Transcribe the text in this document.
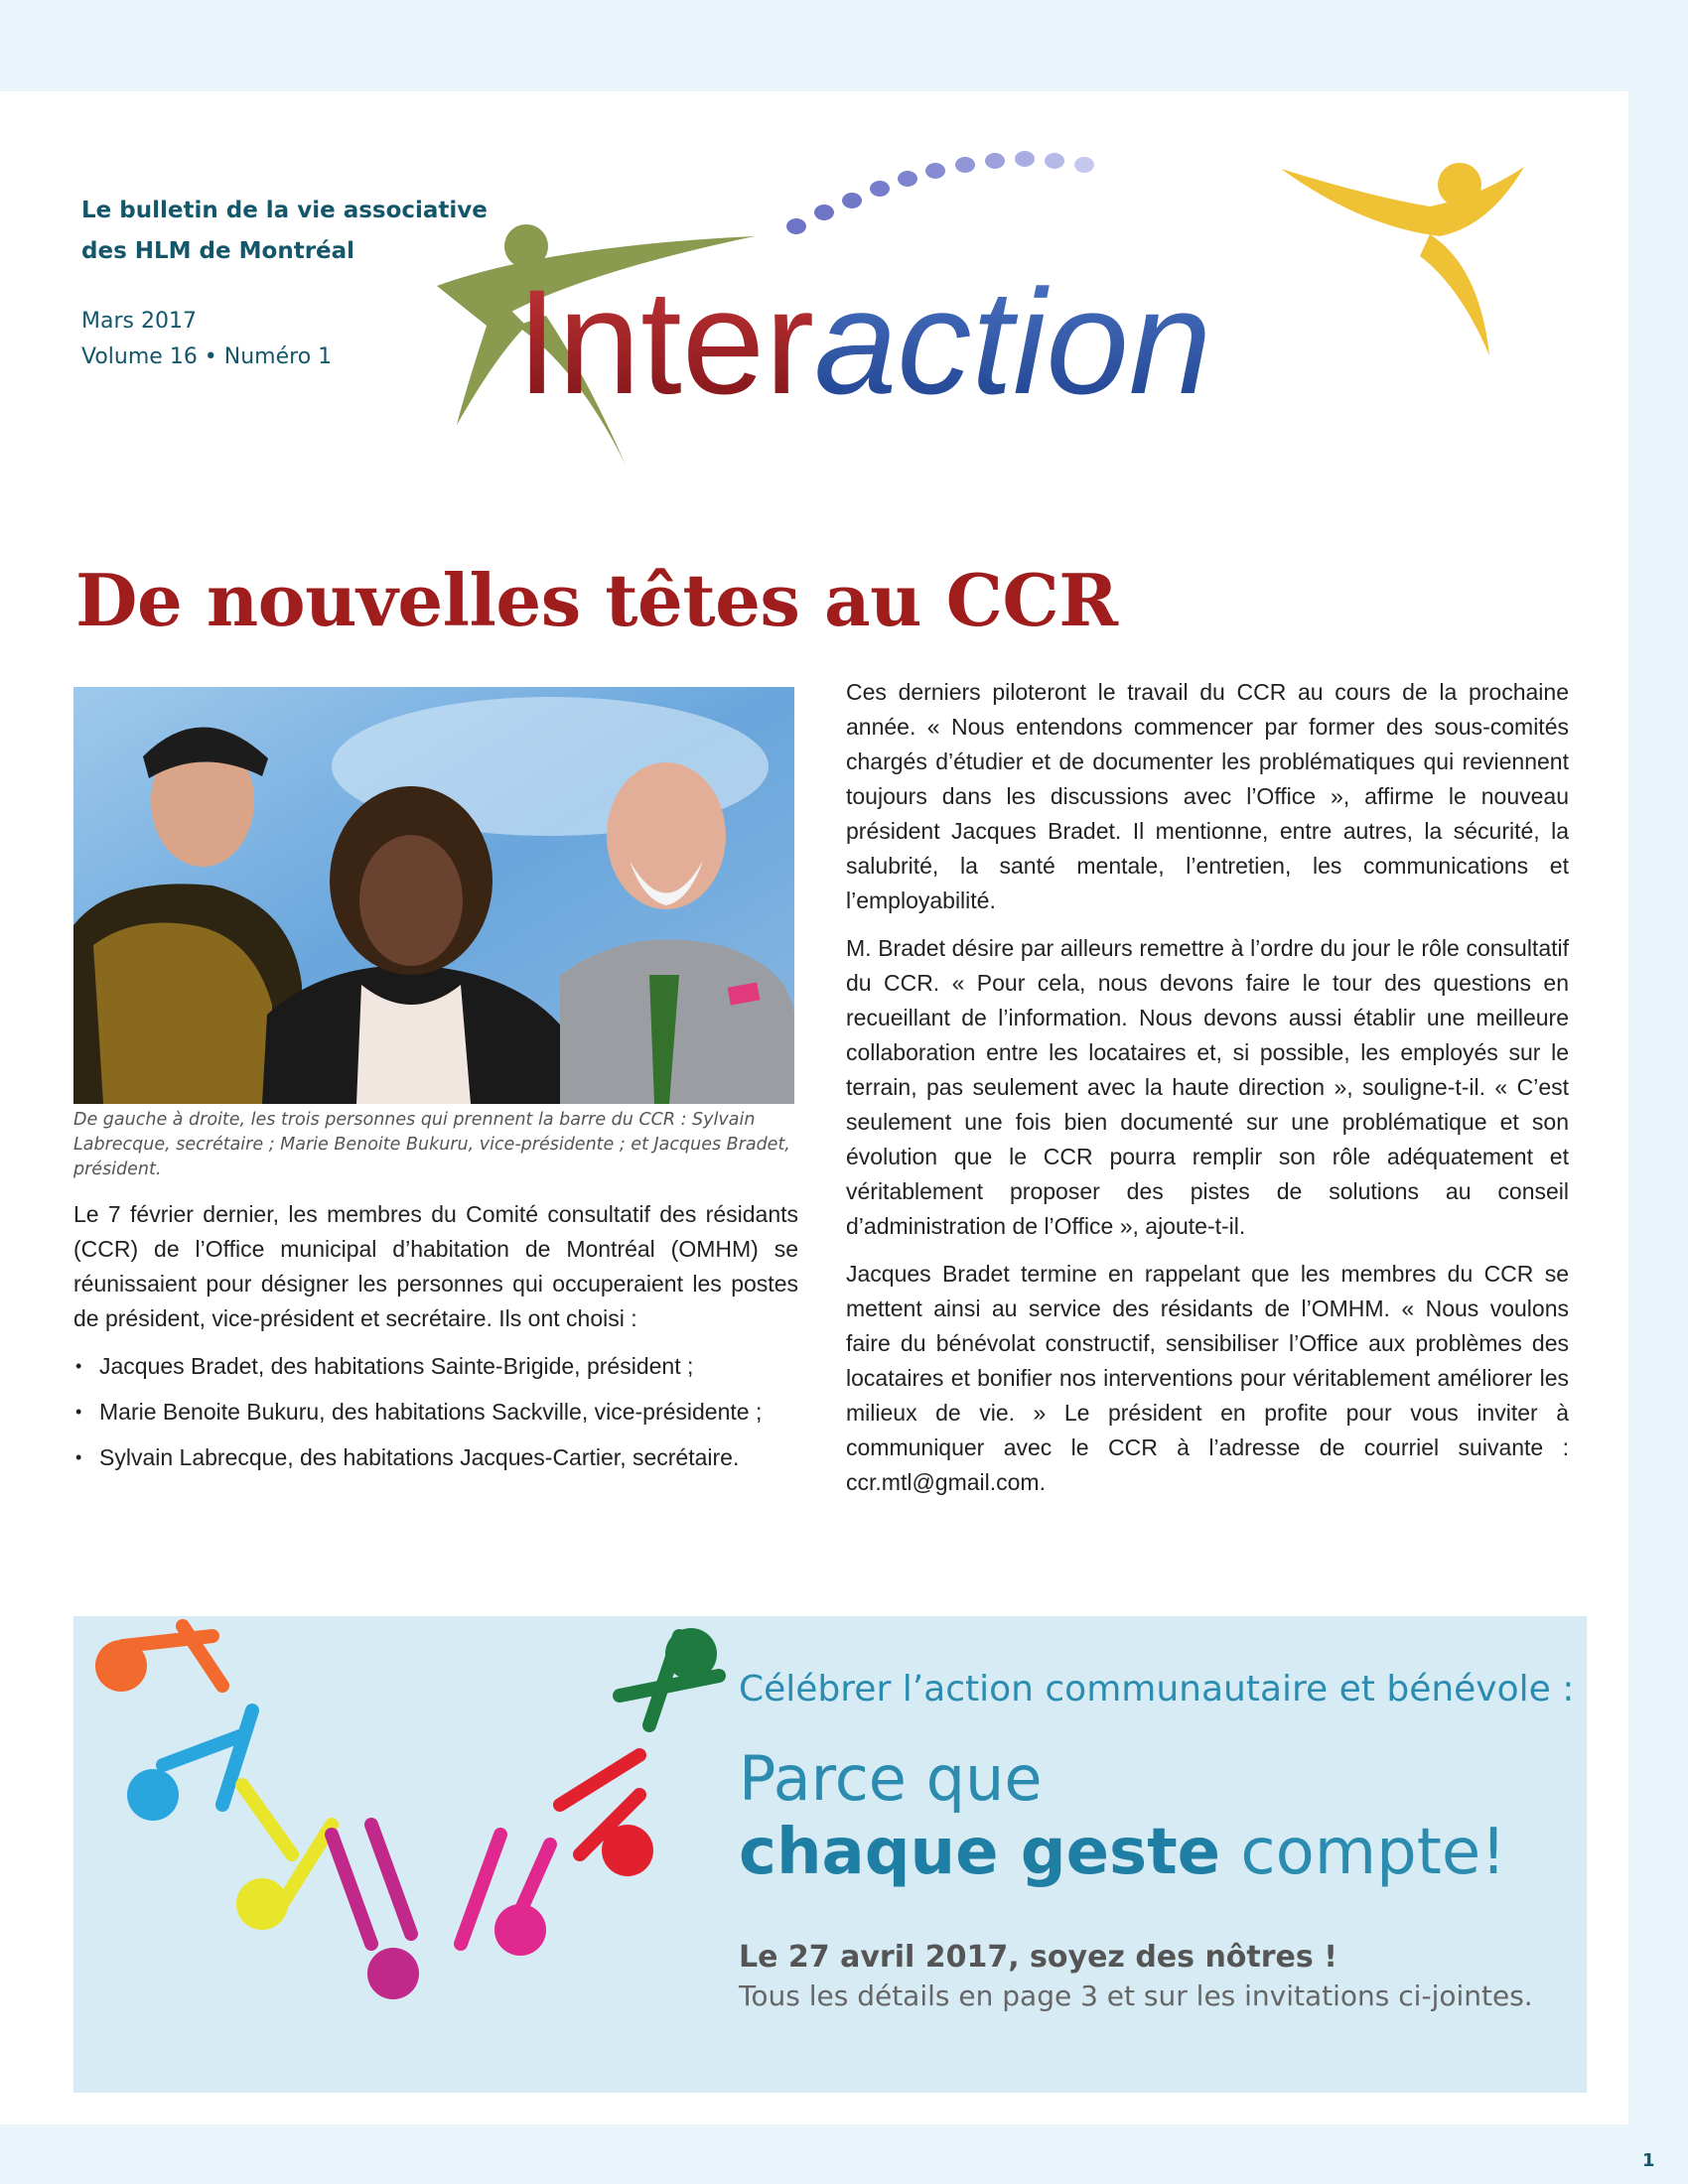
Le bulletin de la vie associative
des HLM de Montréal
Mars 2017
Volume 16 • Numéro 1 Inter action
De nouvelles têtes au CCR
De gauche à droite, les trois personnes qui prennent la barre du CCR : Sylvain Labrecque, secrétaire ; Marie Benoite Bukuru, vice-présidente ; et Jacques Bradet, président.

Le 7 février dernier, les membres du Comité consultatif des résidants (CCR) de l’Office municipal d’habitation de Montréal (OMHM) se réunissaient pour désigner les personnes qui occuperaient les postes de président, vice-président et secrétaire. Ils ont choisi :

• Jacques Bradet, des habitations Sainte-Brigide, président ;
• Marie Benoite Bukuru, des habitations Sackville, vice-présidente ;
• Sylvain Labrecque, des habitations Jacques-Cartier, secrétaire.

Ces derniers piloteront le travail du CCR au cours de la prochaine année. « Nous entendons commencer par former des sous-comités chargés d’étudier et de documenter les problématiques qui reviennent toujours dans les discussions avec l’Office », affirme le nouveau président Jacques Bradet. Il mentionne, entre autres, la sécurité, la salubrité, la santé mentale, l’entretien, les communications et l’employabilité.

M. Bradet désire par ailleurs remettre à l’ordre du jour le rôle consultatif du CCR. « Pour cela, nous devons faire le tour des questions en recueillant de l’information. Nous devons aussi établir une meilleure collaboration entre les locataires et, si possible, les employés sur le terrain, pas seulement avec la haute direction », souligne-t-il. « C’est seulement une fois bien documenté sur une problématique et son évolution que le CCR pourra remplir son rôle adéquatement et véritablement proposer des pistes de solutions au conseil d’administration de l’Office », ajoute-t-il.

Jacques Bradet termine en rappelant que les membres du CCR se mettent ainsi au service des résidants de l’OMHM. « Nous voulons faire du bénévolat constructif, sensibiliser l’Office aux problèmes des locataires et bonifier nos interventions pour véritablement améliorer les milieux de vie. » Le président en profite pour vous inviter à communiquer avec le CCR à l’adresse de courriel suivante : ccr.mtl@gmail.com.

Célébrer l’action communautaire et bénévole :
Parce que
chaque geste compte!
Le 27 avril 2017, soyez des nôtres !
Tous les détails en page 3 et sur les invitations ci-jointes.
1
